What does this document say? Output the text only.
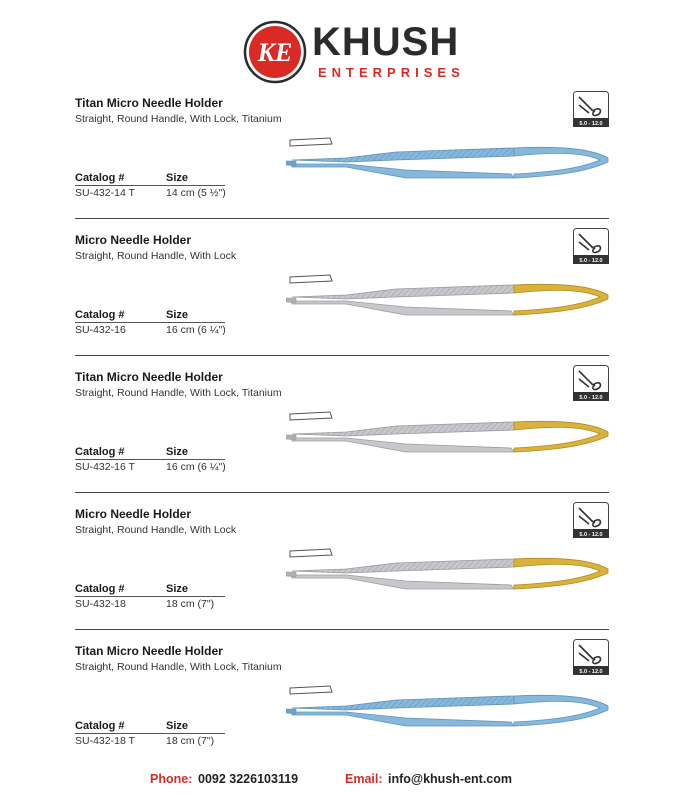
KE KHUSH
ENTERPRISES
Titan Micro Needle Holder
Straight, Round Handle, With Lock, Titanium	5.0 - 12.0
Catalog #	Size
SU-432-14 T	14 cm (5 ½")
Micro Needle Holder
Straight, Round Handle, With Lock	5.0 - 12.0
Catalog #	Size
SU-432-16	16 cm (6 ¼")
Titan Micro Needle Holder
Straight, Round Handle, With Lock, Titanium	5.0 - 12.0
Catalog #	Size
SU-432-16 T	16 cm (6 ¼")
Micro Needle Holder
Straight, Round Handle, With Lock	5.0 - 12.0
Catalog #	Size
SU-432-18	18 cm (7")
Titan Micro Needle Holder
Straight, Round Handle, With Lock, Titanium	5.0 - 12.0
Catalog #	Size
SU-432-18 T	18 cm (7")
Phone: 0092 3226103119	Email: info@khush-ent.com
